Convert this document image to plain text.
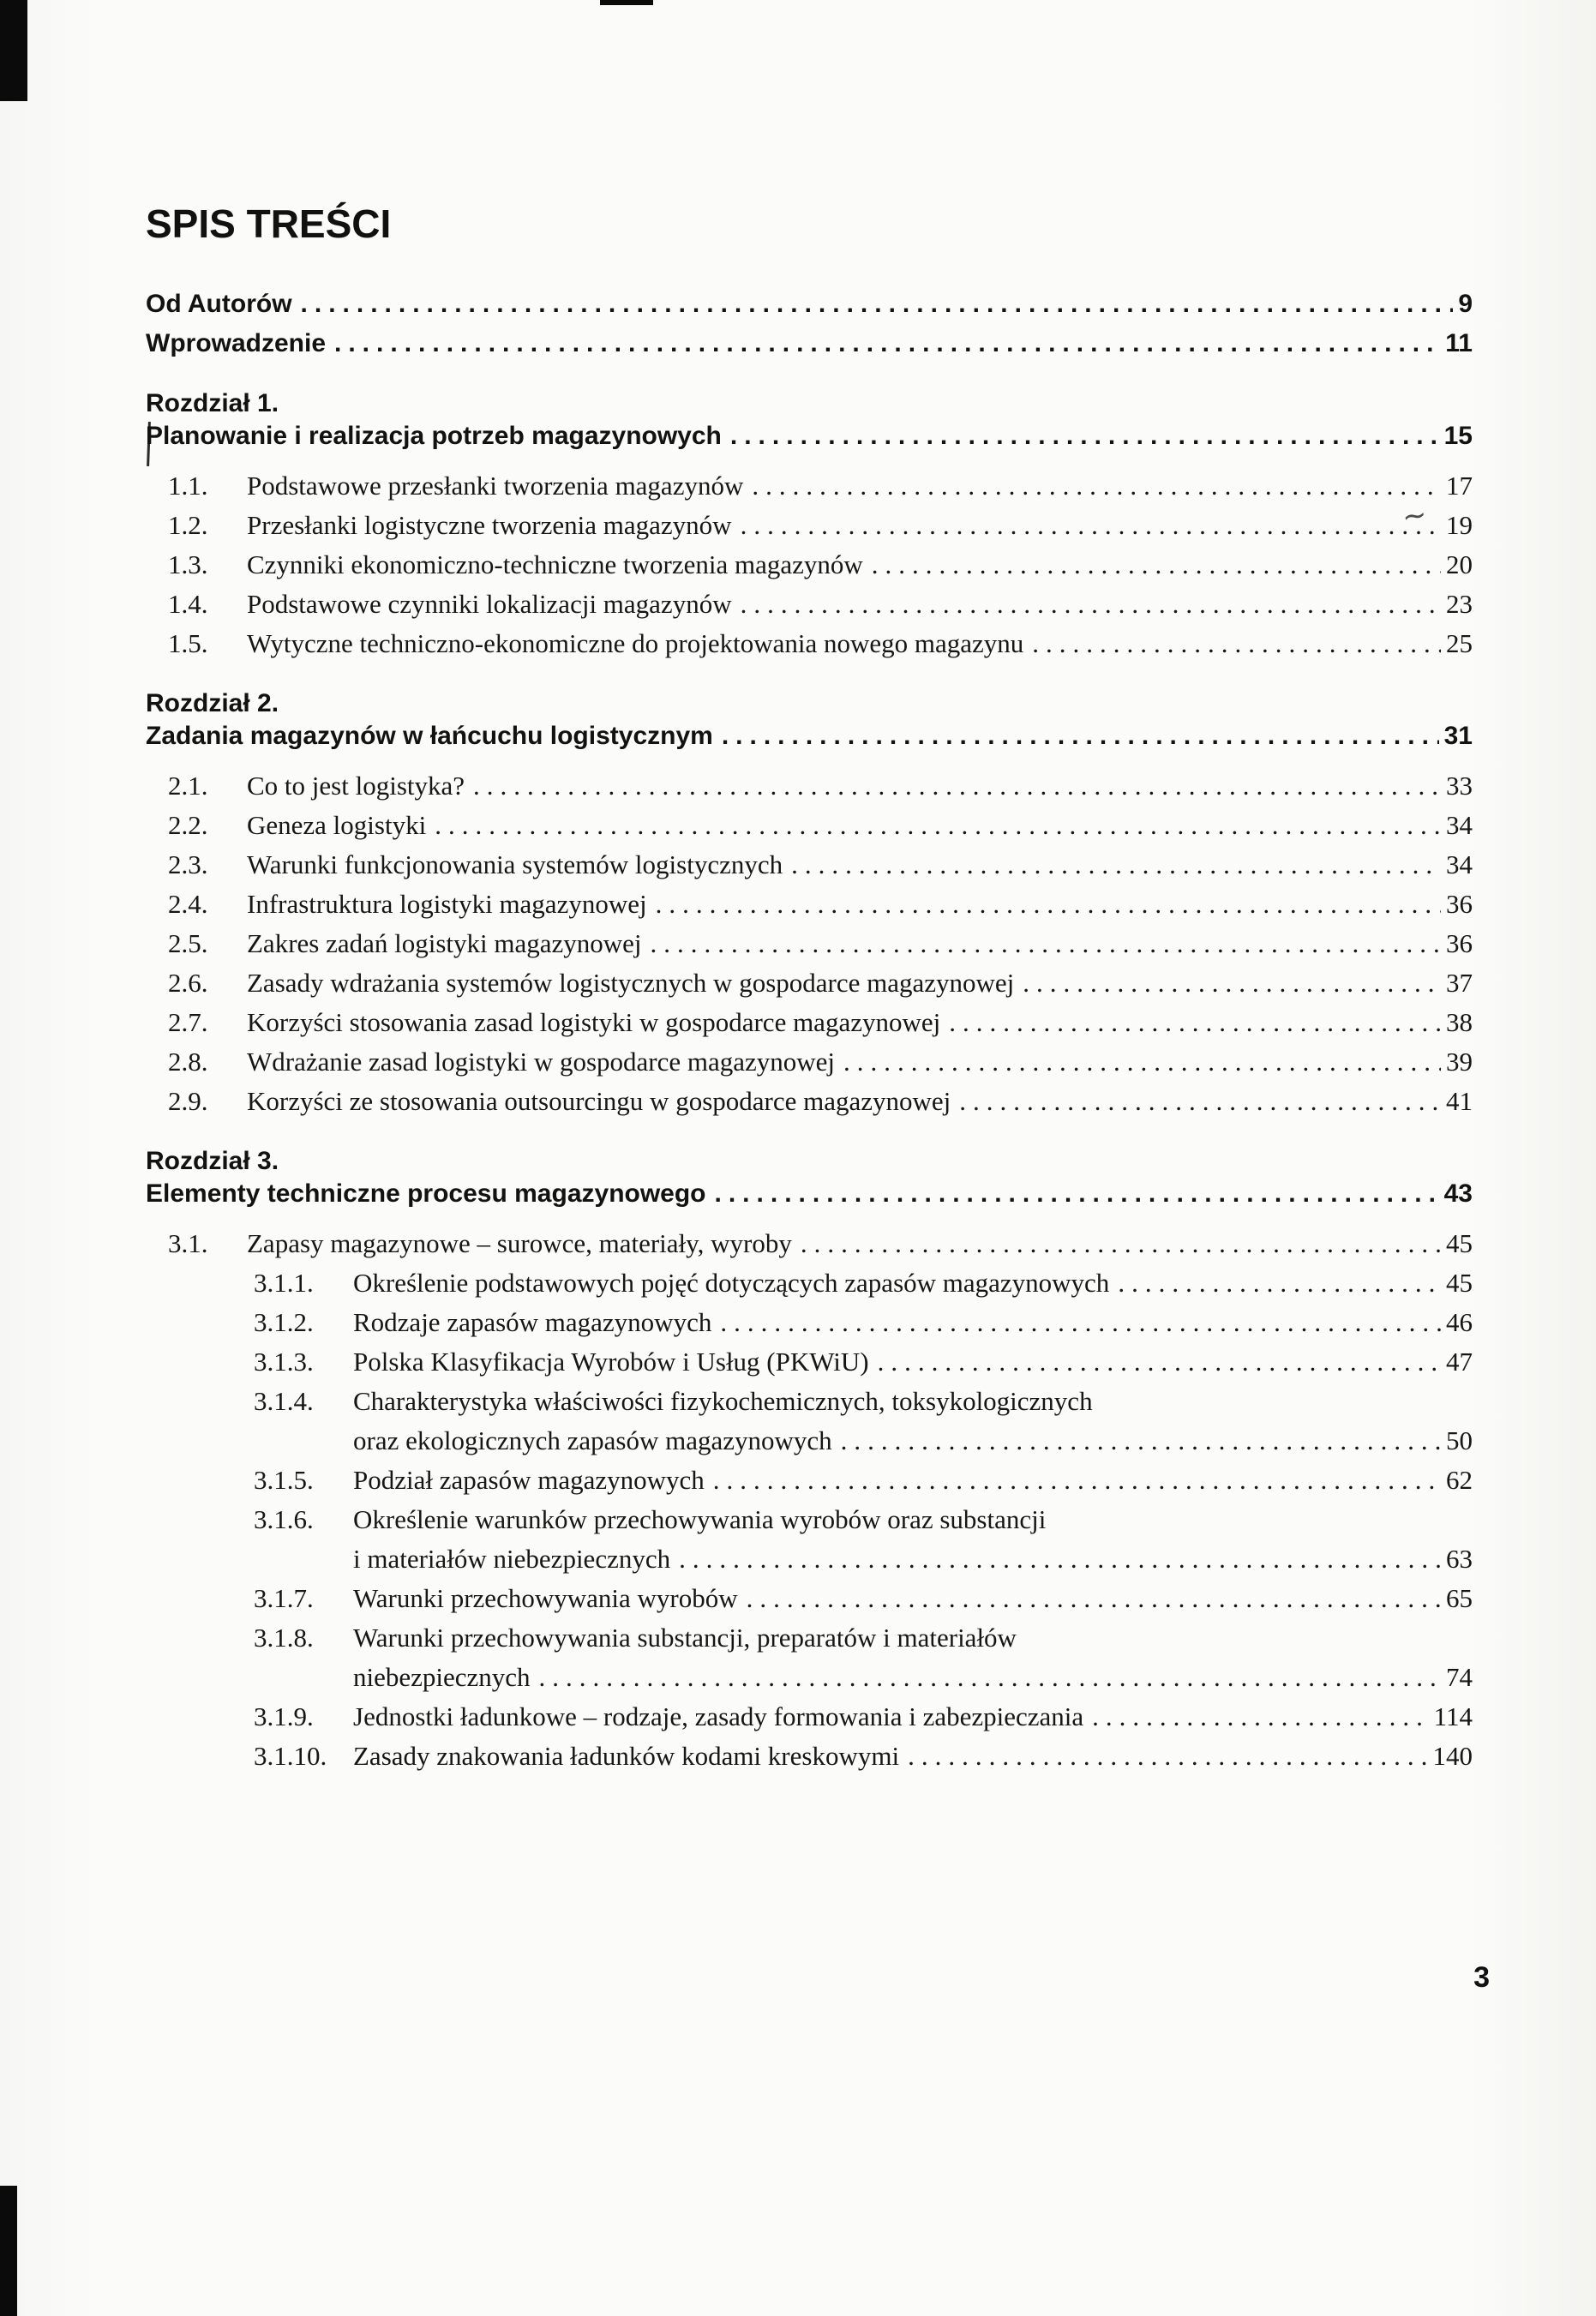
~
SPIS TREŚCI
Od Autorów .....	9
Wprowadzenie .....	11
Rozdział 1.
Planowanie i realizacja potrzeb magazynowych .....	15
1.1.	Podstawowe przesłanki tworzenia magazynów .....	17
1.2.	Przesłanki logistyczne tworzenia magazynów .....	19
1.3.	Czynniki ekonomiczno-techniczne tworzenia magazynów .....	20
1.4.	Podstawowe czynniki lokalizacji magazynów .....	23
1.5.	Wytyczne techniczno-ekonomiczne do projektowania nowego magazynu .....	25
Rozdział 2.
Zadania magazynów w łańcuchu logistycznym .....	31
2.1.	Co to jest logistyka? .....	33
2.2.	Geneza logistyki .....	34
2.3.	Warunki funkcjonowania systemów logistycznych .....	34
2.4.	Infrastruktura logistyki magazynowej .....	36
2.5.	Zakres zadań logistyki magazynowej .....	36
2.6.	Zasady wdrażania systemów logistycznych w gospodarce magazynowej .....	37
2.7.	Korzyści stosowania zasad logistyki w gospodarce magazynowej .....	38
2.8.	Wdrażanie zasad logistyki w gospodarce magazynowej .....	39
2.9.	Korzyści ze stosowania outsourcingu w gospodarce magazynowej .....	41
Rozdział 3.
Elementy techniczne procesu magazynowego .....	43
3.1.	Zapasy magazynowe – surowce, materiały, wyroby .....	45
3.1.1.	Określenie podstawowych pojęć dotyczących zapasów magazynowych .....	45
3.1.2.	Rodzaje zapasów magazynowych .....	46
3.1.3.	Polska Klasyfikacja Wyrobów i Usług (PKWiU) .....	47
3.1.4.	Charakterystyka właściwości fizykochemicznych, toksykologicznych
oraz ekologicznych zapasów magazynowych .....	50
3.1.5.	Podział zapasów magazynowych .....	62
3.1.6.	Określenie warunków przechowywania wyrobów oraz substancji
i materiałów niebezpiecznych .....	63
3.1.7.	Warunki przechowywania wyrobów .....	65
3.1.8.	Warunki przechowywania substancji, preparatów i materiałów
niebezpiecznych .....	74
3.1.9.	Jednostki ładunkowe – rodzaje, zasady formowania i zabezpieczania .....	114
3.1.10. Zasady znakowania ładunków kodami kreskowymi .....	140
3
